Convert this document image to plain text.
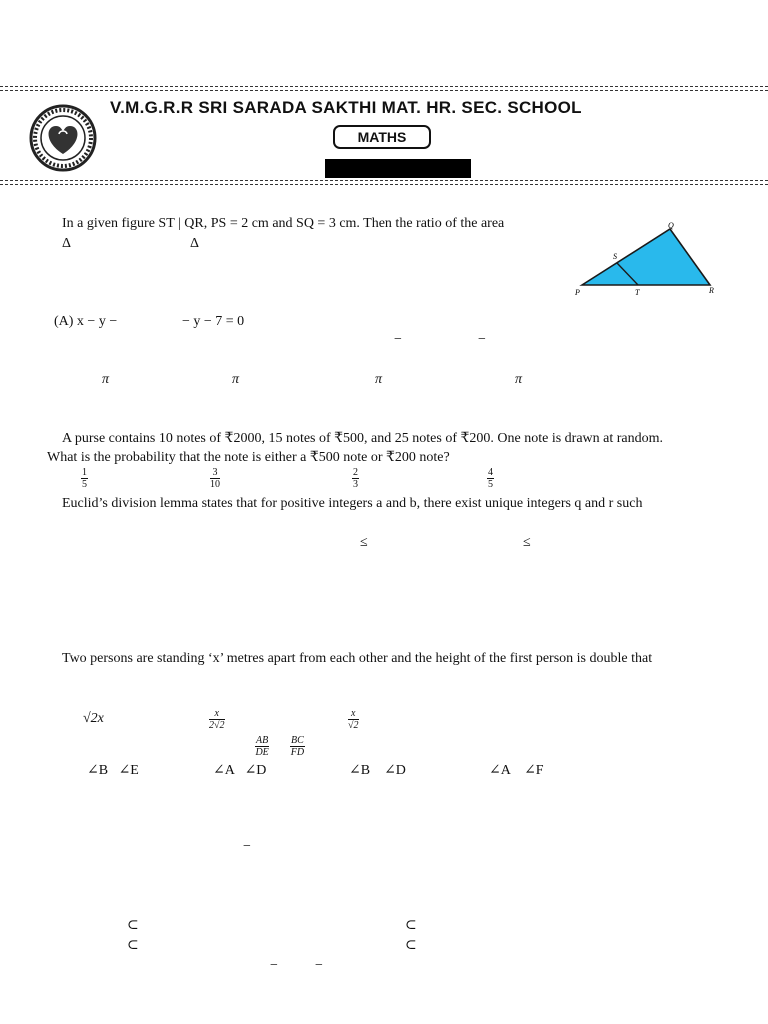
V.M.G.R.R SRI SARADA SAKTHI MAT. HR. SEC. SCHOOL
MATHS
In a given figure ST | QR, PS = 2 cm and SQ = 3 cm. Then the ratio of the area
Δ	Δ
Q
S
P	T	R
(A) x − y −	− y − 7 = 0
−	−
π	π	π	π
A purse contains 10 notes of ₹2000, 15 notes of ₹500, and 25 notes of ₹200. One note is drawn at random.
What is the probability that the note is either a ₹500 note or ₹200 note?
$\frac{1}{5}$	$\frac{3}{10}$	$\frac{2}{3}$	$\frac{4}{5}$
Euclid’s division lemma states that for positive integers a and b, there exist unique integers q and r such
≤	≤
Two persons are standing ‘x’ metres apart from each other and the height of the first person is double that
√2x	$\frac{x}{2√2}$	$\frac{x}{√2}$
$\frac{AB}{DE} \frac{BC}{FD}$
∠B   ∠E	∠A   ∠D	∠B    ∠D	∠A    ∠F
−
⊂	⊂
⊂	⊂
−	−
